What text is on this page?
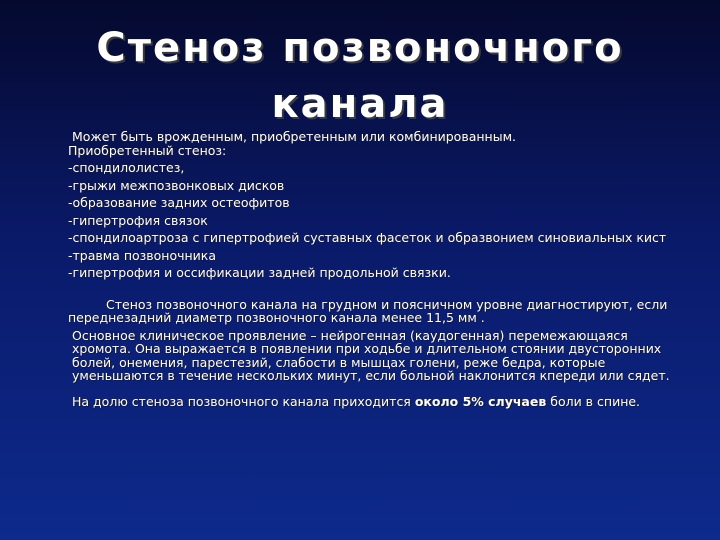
Стеноз позвоночного
канала

Может быть врожденным, приобретенным или комбинированным.

Приобретенный стеноз:

-спондилолистез,

-грыжи межпозвонковых дисков

-образование задних остеофитов

-гипертрофия связок

-спондилоартроза с гипертрофией суставных фасеток и образвонием синовиальных кист

-травма позвоночника

-гипертрофия и оссификации задней продольной связки.

Стеноз позвоночного канала на грудном и поясничном уровне диагностируют, если переднезадний диаметр позвоночного канала менее 11,5 мм .

Основное клиническое проявление – нейрогенная (каудогенная) перемежающаяся хромота. Она выражается в появлении при ходьбе и длительном стоянии двусторонних болей, онемения, парестезий, слабости в мышцах голени, реже бедра, которые уменьшаются в течение нескольких минут, если больной наклонится кпереди или сядет.

На долю стеноза позвоночного канала приходится около 5% случаев боли в спине.
